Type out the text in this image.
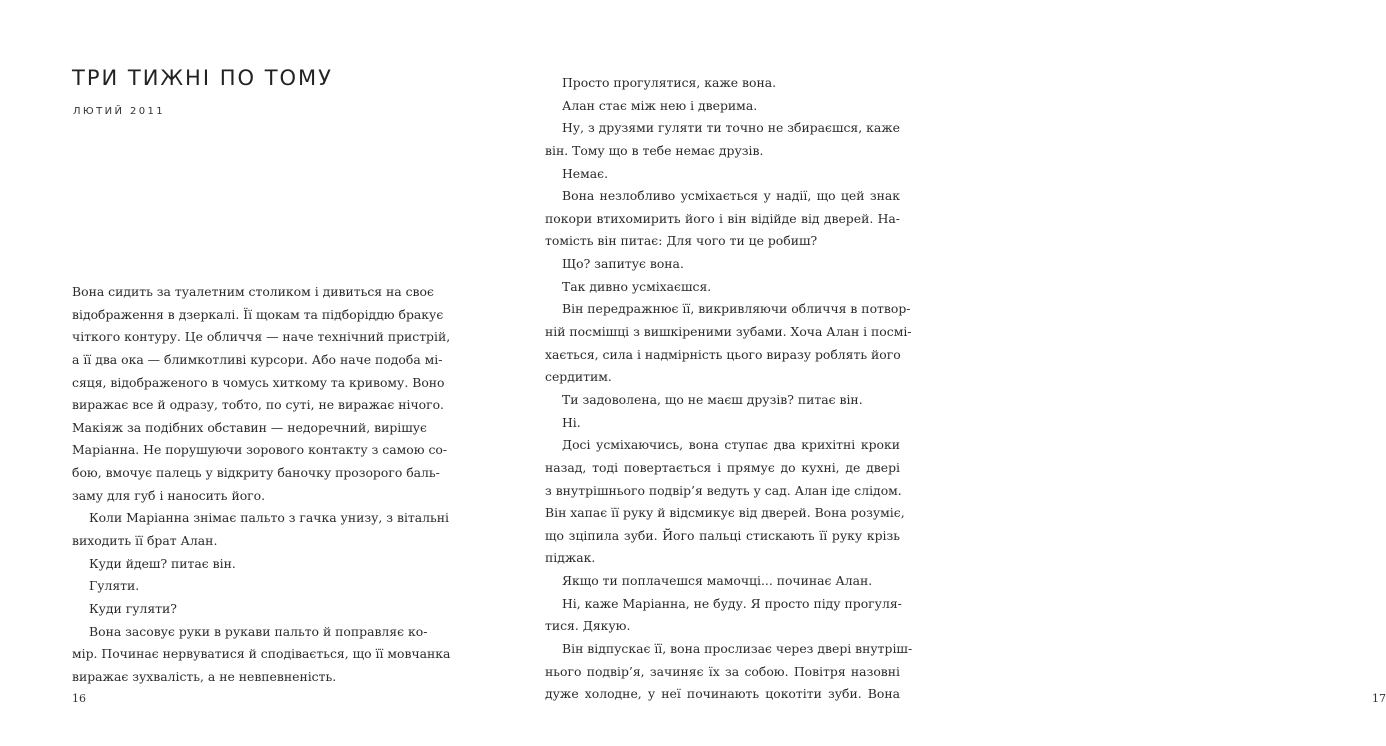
ТРИ ТИЖНІ ПО ТОМУ
ЛЮТИЙ 2011
Вона сидить за туалетним столиком і дивиться на своє
відображення в дзеркалі. Її щокам та підборіддю бракує
чіткого контуру. Це обличчя — наче технічний пристрій,
а її два ока — блимкотливі курсори. Або наче подоба мі-
сяця, відображеного в чомусь хиткому та кривому. Воно
виражає все й одразу, тобто, по суті, не виражає нічого.
Макіяж за подібних обставин — недоречний, вирішує
Маріанна. Не порушуючи зорового контакту з самою со-
бою, вмочує палець у відкриту баночку прозорого баль-
заму для губ і наносить його.
Коли Маріанна знімає пальто з гачка унизу, з вітальні
виходить її брат Алан.
Куди йдеш? питає він.
Гуляти.
Куди гуляти?
Вона засовує руки в рукави пальто й поправляє ко-
мір. Починає нервуватися й сподівається, що її мовчанка
виражає зухвалість, а не невпевненість.
16	17
Просто прогулятися, каже вона.
Алан стає між нею і дверима.
Ну, з друзями гуляти ти точно не збираєшся, каже
він. Тому що в тебе немає друзів.
Немає.
Вона незлобливо усміхається у надії, що цей знак
покори втихомирить його і він відійде від дверей. На-
томість він питає: Для чого ти це робиш?
Що? запитує вона.
Так дивно усміхаєшся.
Він передражнює її, викривляючи обличчя в потвор-
ній посмішці з вишкіреними зубами. Хоча Алан і посмі-
хається, сила і надмірність цього виразу роблять його
сердитим.
Ти задоволена, що не маєш друзів? питає він.
Ні.
Досі усміхаючись, вона ступає два крихітні кроки
назад, тоді повертається і прямує до кухні, де двері
з внутрішнього подвір’я ведуть у сад. Алан іде слідом.
Він хапає її руку й відсмикує від дверей. Вона розуміє,
що зціпила зуби. Його пальці стискають її руку крізь
піджак.
Якщо ти поплачешся мамочці... починає Алан.
Ні, каже Маріанна, не буду. Я просто піду прогуля-
тися. Дякую.
Він відпускає її, вона прослизає через двері внутріш-
нього подвір’я, зачиняє їх за собою. Повітря назовні
дуже холодне, у неї починають цокотіти зуби. Вона
